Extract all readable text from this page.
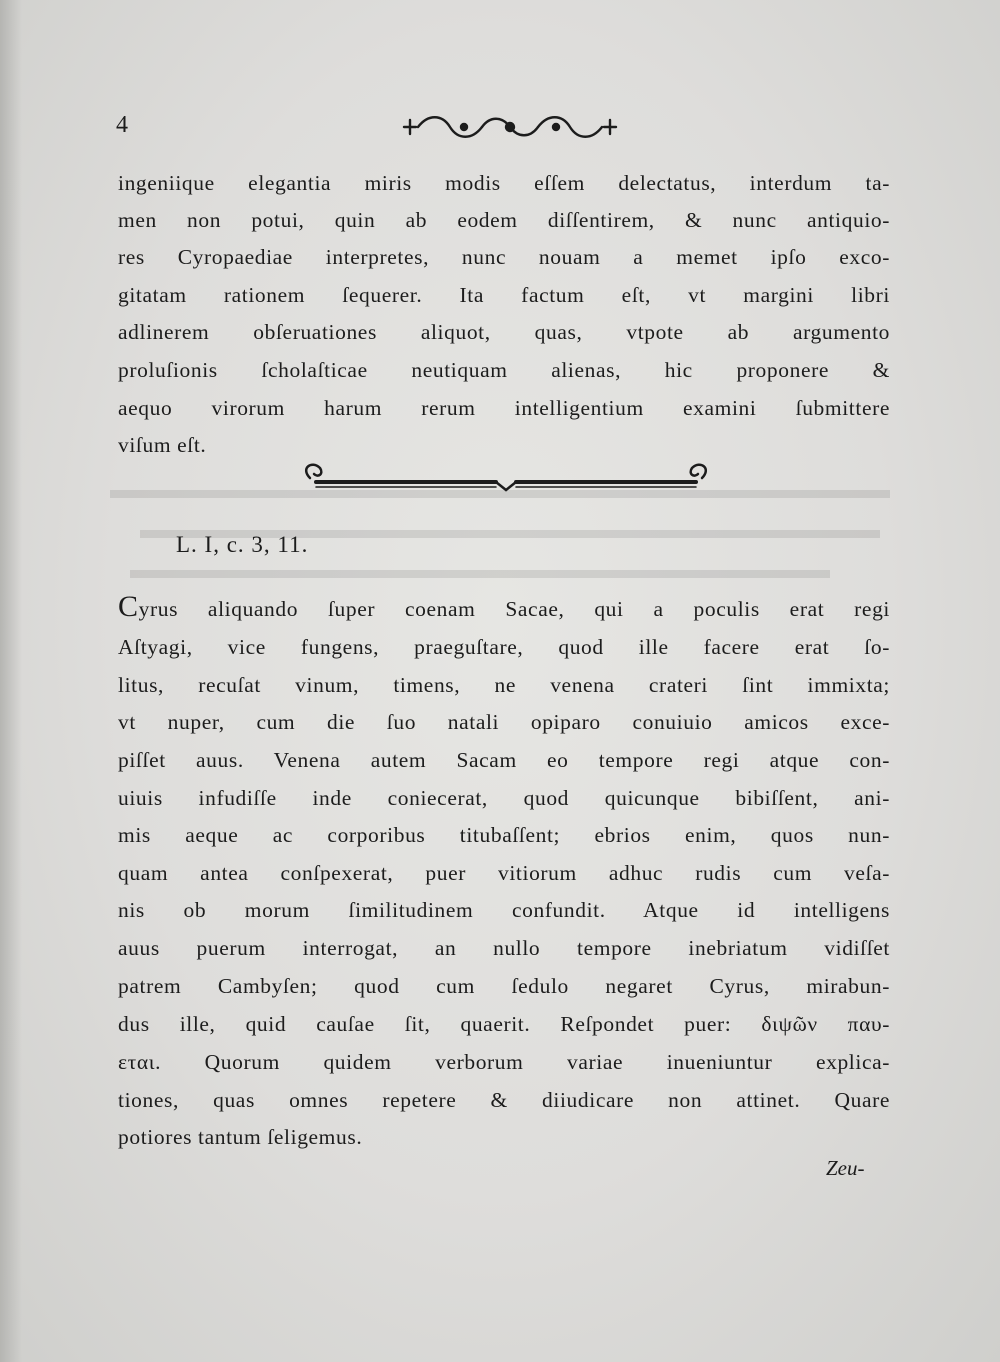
4
ingeniique elegantia miris modis eſſem delectatus, interdum ta-
men non potui, quin ab eodem diſſentirem, & nunc antiquio-
res Cyropaediae interpretes, nunc nouam a memet ipſo exco-
gitatam rationem ſequerer. Ita factum eſt, vt margini libri
adlinerem obſeruationes aliquot, quas, vtpote ab argumento
proluſionis ſcholaſticae neutiquam alienas, hic proponere &
aequo virorum harum rerum intelligentium examini ſubmittere
viſum eſt.
L. I, c. 3, 11.
Cyrus aliquando ſuper coenam Sacae, qui a poculis erat regi
Aſtyagi, vice fungens, praeguſtare, quod ille facere erat ſo-
litus, recuſat vinum, timens, ne venena crateri ſint immixta;
vt nuper, cum die ſuo natali opiparo conuiuio amicos exce-
piſſet auus. Venena autem Sacam eo tempore regi atque con-
uiuis infudiſſe inde coniecerat, quod quicunque bibiſſent, ani-
mis aeque ac corporibus titubaſſent; ebrios enim, quos nun-
quam antea conſpexerat, puer vitiorum adhuc rudis cum veſa-
nis ob morum ſimilitudinem confundit. Atque id intelligens
auus puerum interrogat, an nullo tempore inebriatum vidiſſet
patrem Cambyſen; quod cum ſedulo negaret Cyrus, mirabun-
dus ille, quid cauſae ſit, quaerit. Reſpondet puer: διψῶν παυ-
εται. Quorum quidem verborum variae inueniuntur explica-
tiones, quas omnes repetere & diiudicare non attinet. Quare
potiores tantum ſeligemus.
Zeu-
